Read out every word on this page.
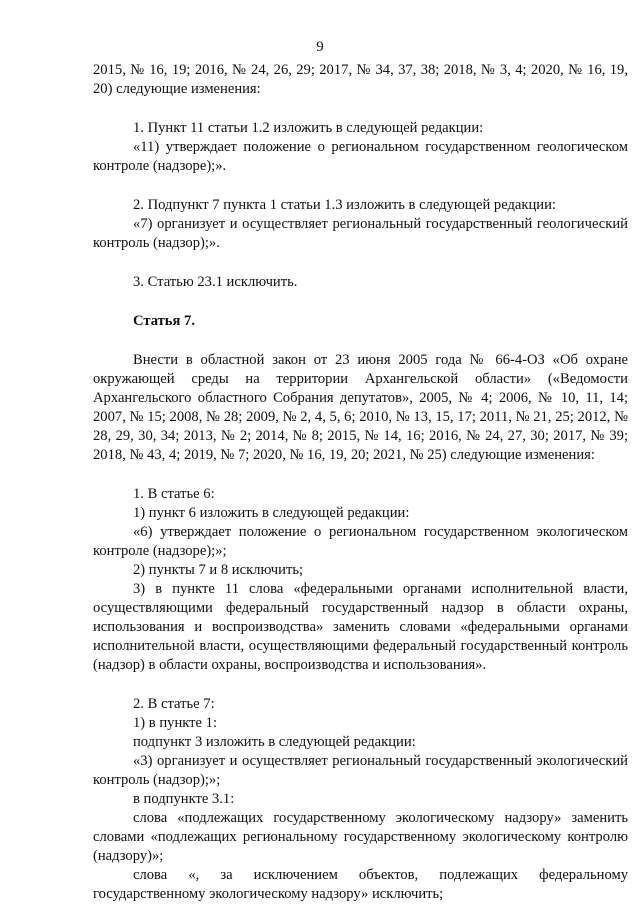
9

2015, № 16, 19; 2016, № 24, 26, 29; 2017, № 34, 37, 38; 2018, № 3, 4; 2020, № 16, 19, 20) следующие изменения:

1. Пункт 11 статьи 1.2 изложить в следующей редакции:

«11) утверждает положение о региональном государственном геологическом контроле (надзоре);».

2. Подпункт 7 пункта 1 статьи 1.3 изложить в следующей редакции:

«7) организует и осуществляет региональный государственный геологический контроль (надзор);».

3. Статью 23.1 исключить.

Статья 7.

Внести в областной закон от 23 июня 2005 года № 66-4-ОЗ «Об охране окружающей среды на территории Архангельской области» («Ведомости Архангельского областного Собрания депутатов», 2005, № 4; 2006, № 10, 11, 14; 2007, № 15; 2008, № 28; 2009, № 2, 4, 5, 6; 2010, № 13, 15, 17; 2011, № 21, 25; 2012, № 28, 29, 30, 34; 2013, № 2; 2014, № 8; 2015, № 14, 16; 2016, № 24, 27, 30; 2017, № 39; 2018, № 43, 4; 2019, № 7; 2020, № 16, 19, 20; 2021, № 25) следующие изменения:

1. В статье 6:

1) пункт 6 изложить в следующей редакции:

«6) утверждает положение о региональном государственном экологическом контроле (надзоре);»;

2) пункты 7 и 8 исключить;

3) в пункте 11 слова «федеральными органами исполнительной власти, осуществляющими федеральный государственный надзор в области охраны, использования и воспроизводства» заменить словами «федеральными органами исполнительной власти, осуществляющими федеральный государственный контроль (надзор) в области охраны, воспроизводства и использования».

2. В статье 7:

1) в пункте 1:

подпункт 3 изложить в следующей редакции:

«3) организует и осуществляет региональный государственный экологический контроль (надзор);»;

в подпункте 3.1:

слова «подлежащих государственному экологическому надзору» заменить словами «подлежащих региональному государственному экологическому контролю (надзору)»;

слова «, за исключением объектов, подлежащих федеральному государственному экологическому надзору» исключить;
